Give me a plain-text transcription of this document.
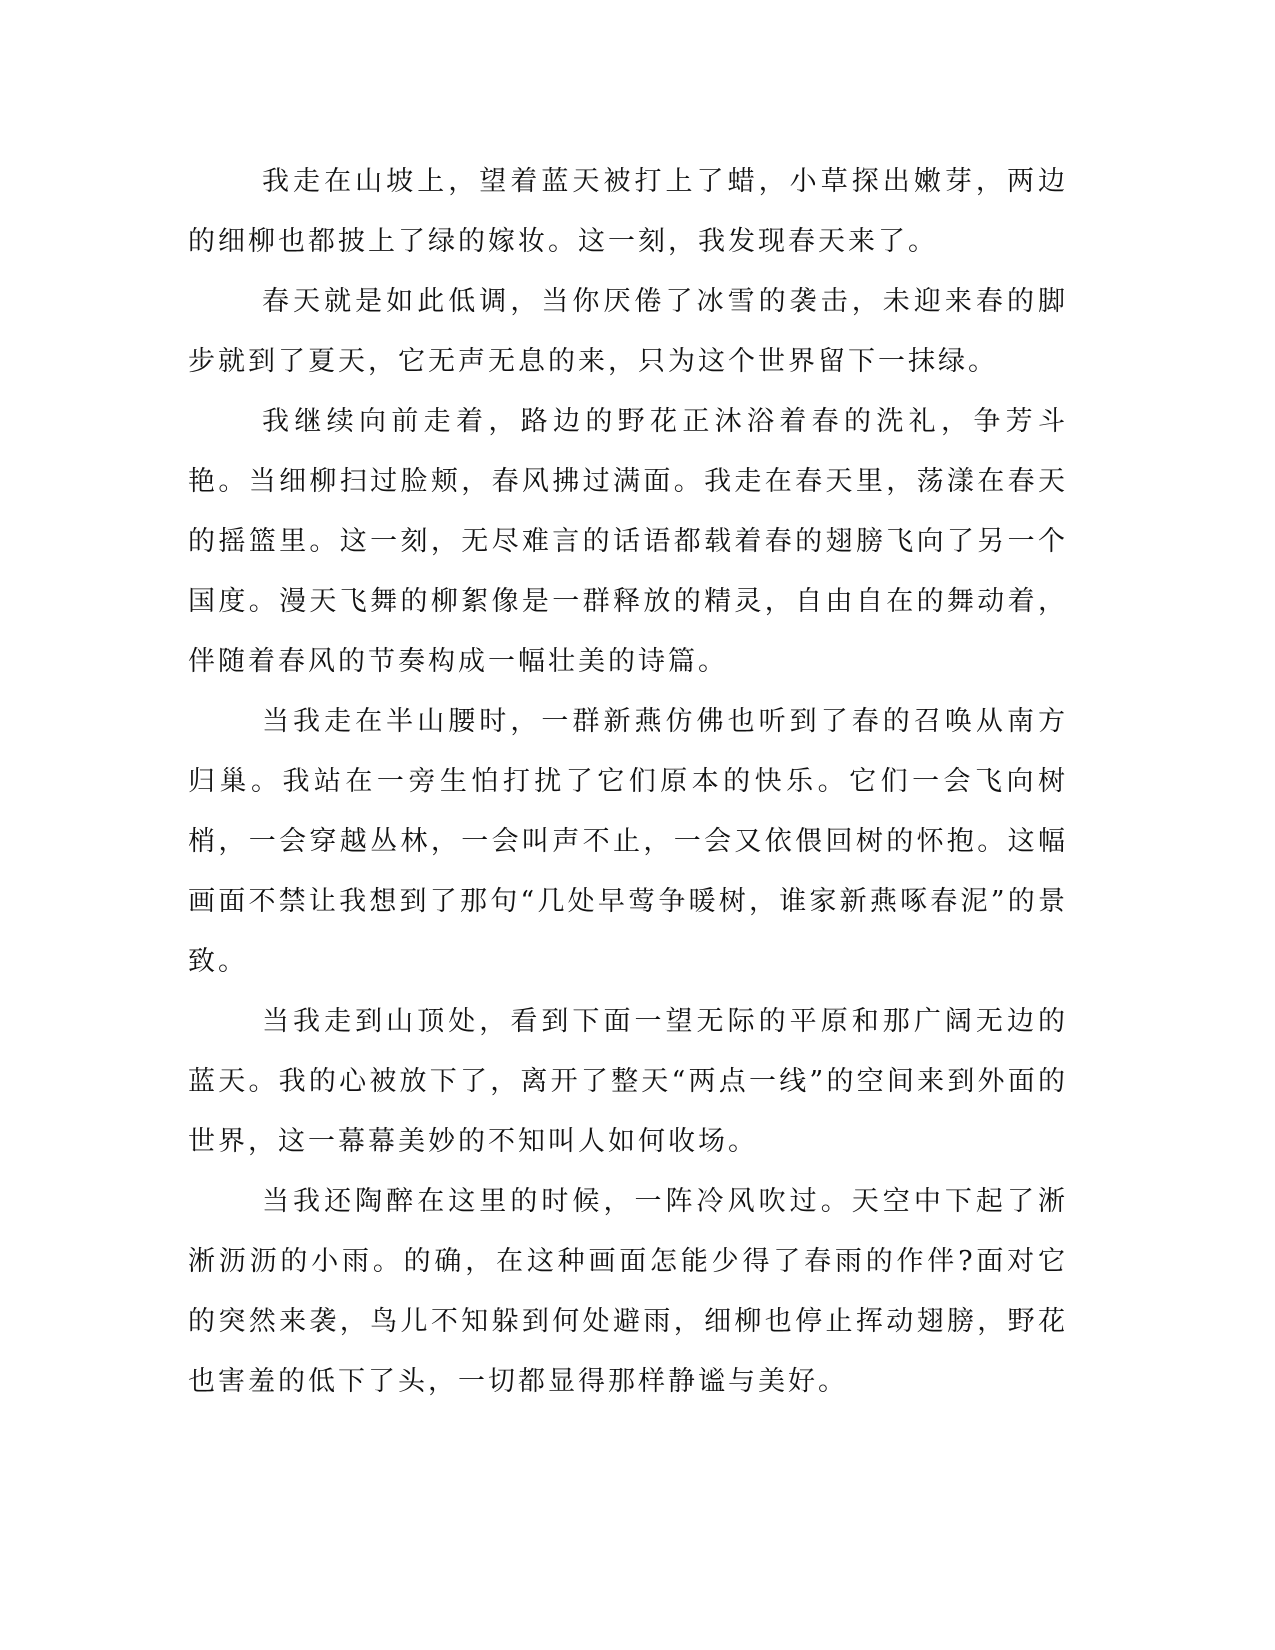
我走在山坡上，望着蓝天被打上了蜡，小草探出嫩芽，两边的细柳也都披上了绿的嫁妆。这一刻，我发现春天来了。

春天就是如此低调，当你厌倦了冰雪的袭击，未迎来春的脚步就到了夏天，它无声无息的来，只为这个世界留下一抹绿。

我继续向前走着，路边的野花正沐浴着春的洗礼，争芳斗艳。当细柳扫过脸颊，春风拂过满面。我走在春天里，荡漾在春天的摇篮里。这一刻，无尽难言的话语都载着春的翅膀飞向了另一个国度。漫天飞舞的柳絮像是一群释放的精灵，自由自在的舞动着，伴随着春风的节奏构成一幅壮美的诗篇。

当我走在半山腰时，一群新燕仿佛也听到了春的召唤从南方归巢。我站在一旁生怕打扰了它们原本的快乐。它们一会飞向树梢，一会穿越丛林，一会叫声不止，一会又依偎回树的怀抱。这幅画面不禁让我想到了那句“几处早莺争暖树，谁家新燕啄春泥”的景致。

当我走到山顶处，看到下面一望无际的平原和那广阔无边的蓝天。我的心被放下了，离开了整天“两点一线”的空间来到外面的世界，这一幕幕美妙的不知叫人如何收场。

当我还陶醉在这里的时候，一阵冷风吹过。天空中下起了淅淅沥沥的小雨。的确，在这种画面怎能少得了春雨的作伴?面对它的突然来袭，鸟儿不知躲到何处避雨，细柳也停止挥动翅膀，野花也害羞的低下了头，一切都显得那样静谧与美好。
